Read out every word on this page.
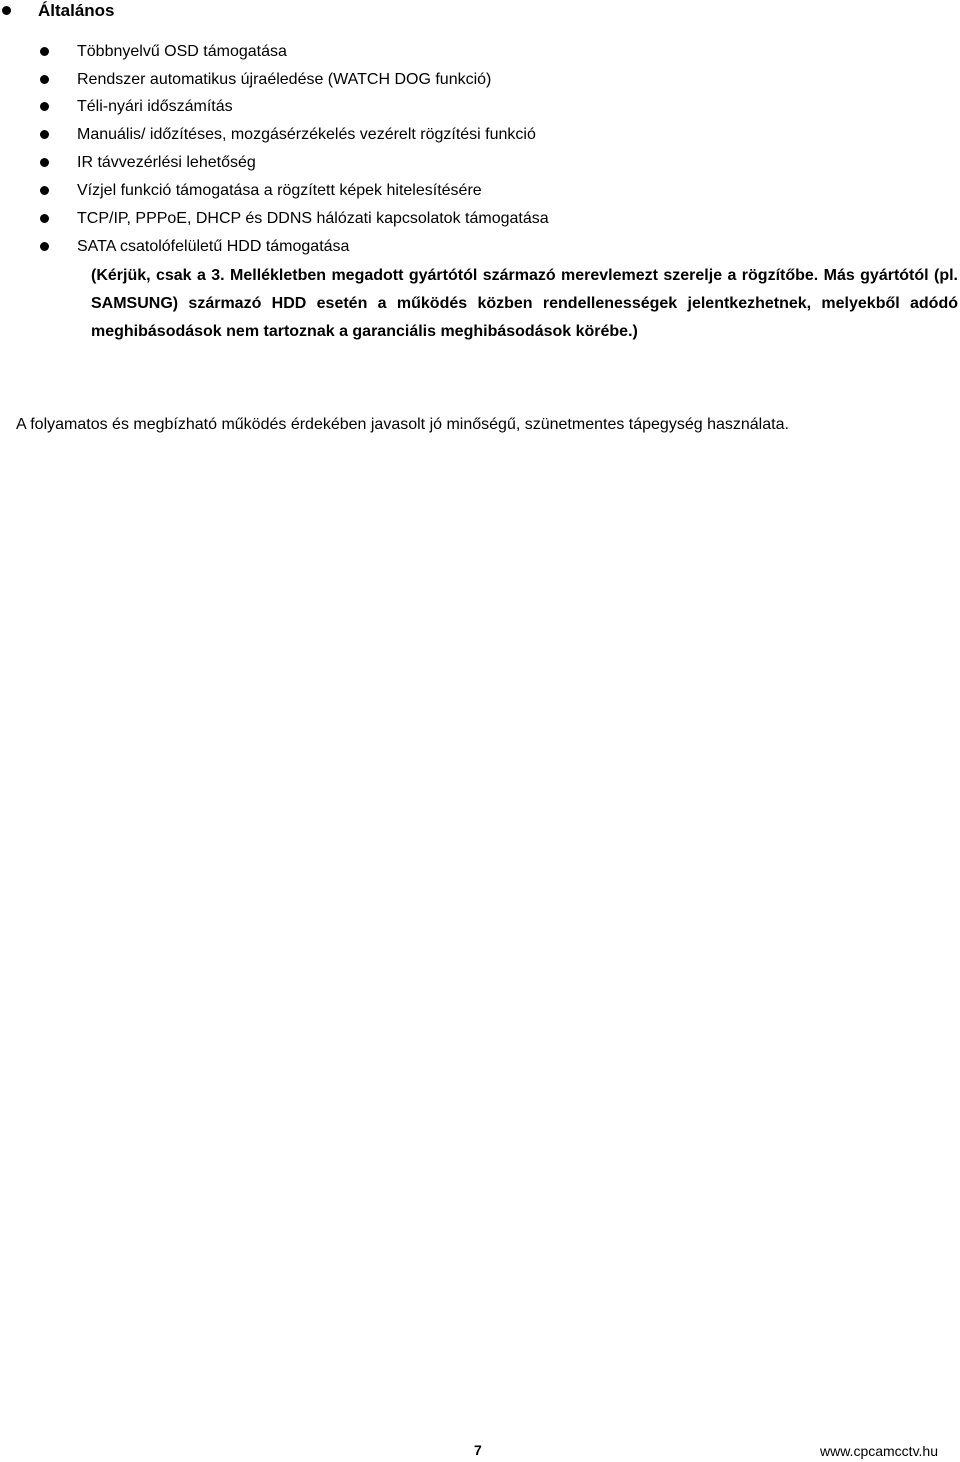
Általános
Többnyelvű OSD támogatása
Rendszer automatikus újraéledése (WATCH DOG funkció)
Téli-nyári időszámítás
Manuális/ időzítéses, mozgásérzékelés vezérelt rögzítési funkció
IR távvezérlési lehetőség
Vízjel funkció támogatása a rögzített képek hitelesítésére
TCP/IP, PPPoE, DHCP és DDNS hálózati kapcsolatok támogatása
SATA csatolófelületű HDD támogatása
(Kérjük, csak a 3. Mellékletben megadott gyártótól származó merevlemezt szerelje a rögzítőbe. Más gyártótól (pl. SAMSUNG) származó HDD esetén a működés közben rendellenességek jelentkezhetnek, melyekből adódó meghibásodások nem tartoznak a garanciális meghibásodások körébe.)
A folyamatos és megbízható működés érdekében javasolt jó minőségű, szünetmentes tápegység használata.
7	www.cpcamcctv.hu
